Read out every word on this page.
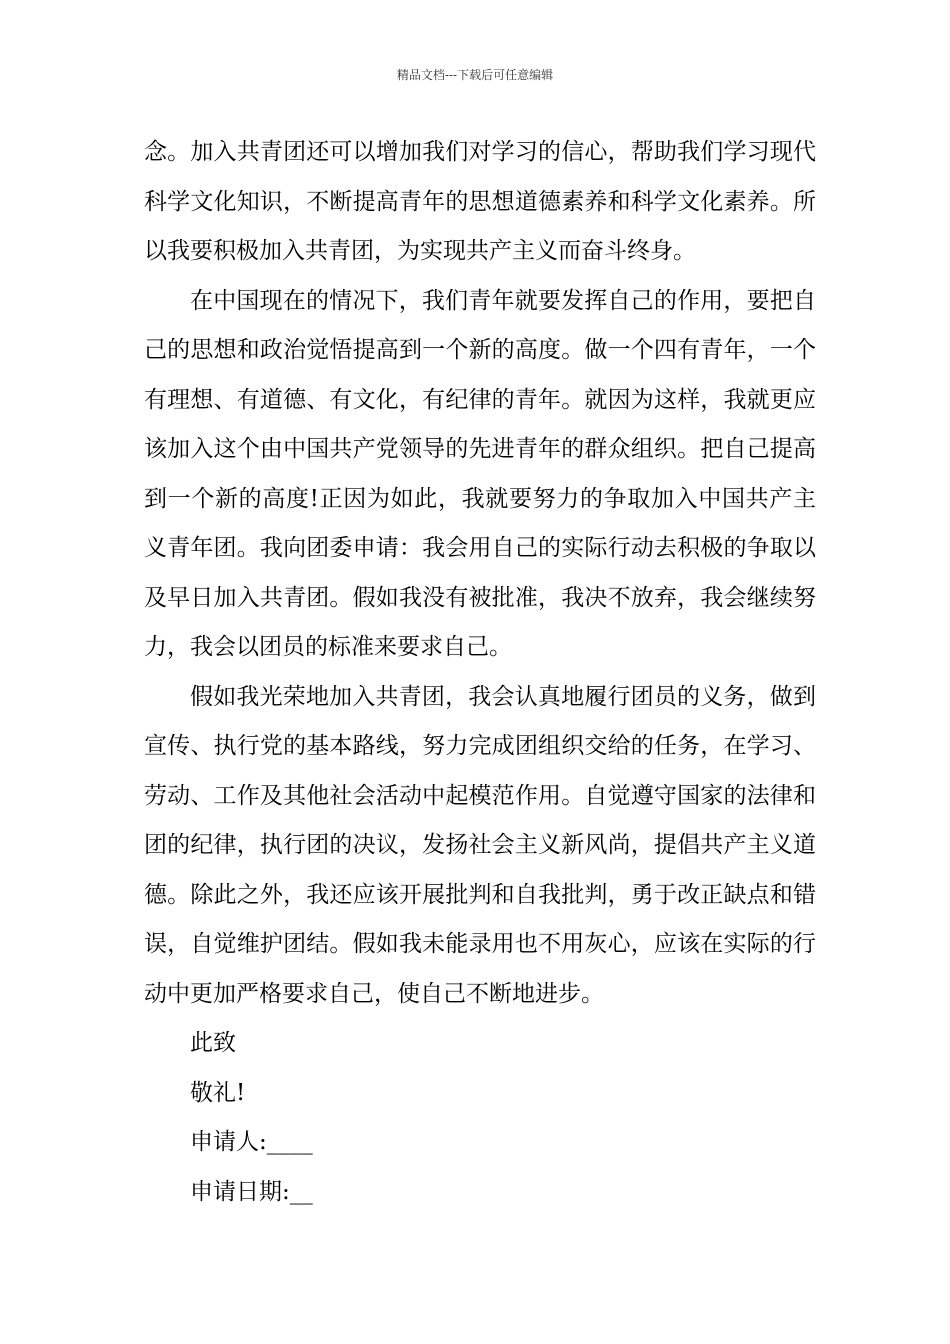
精品文档---下载后可任意编辑

念。加入共青团还可以增加我们对学习的信心，帮助我们学习现代科学文化知识，不断提高青年的思想道德素养和科学文化素养。所以我要积极加入共青团，为实现共产主义而奋斗终身。

在中国现在的情况下，我们青年就要发挥自己的作用，要把自己的思想和政治觉悟提高到一个新的高度。做一个四有青年，一个有理想、有道德、有文化，有纪律的青年。就因为这样，我就更应该加入这个由中国共产党领导的先进青年的群众组织。把自己提高到一个新的高度!正因为如此，我就要努力的争取加入中国共产主义青年团。我向团委申请：我会用自己的实际行动去积极的争取以及早日加入共青团。假如我没有被批准，我决不放弃，我会继续努力，我会以团员的标准来要求自己。

假如我光荣地加入共青团，我会认真地履行团员的义务，做到宣传、执行党的基本路线，努力完成团组织交给的任务，在学习、劳动、工作及其他社会活动中起模范作用。自觉遵守国家的法律和团的纪律，执行团的决议，发扬社会主义新风尚，提倡共产主义道德。除此之外，我还应该开展批判和自我批判，勇于改正缺点和错误，自觉维护团结。假如我未能录用也不用灰心，应该在实际的行动中更加严格要求自己，使自己不断地进步。

此致
敬礼!
申请人:____
申请日期:__
